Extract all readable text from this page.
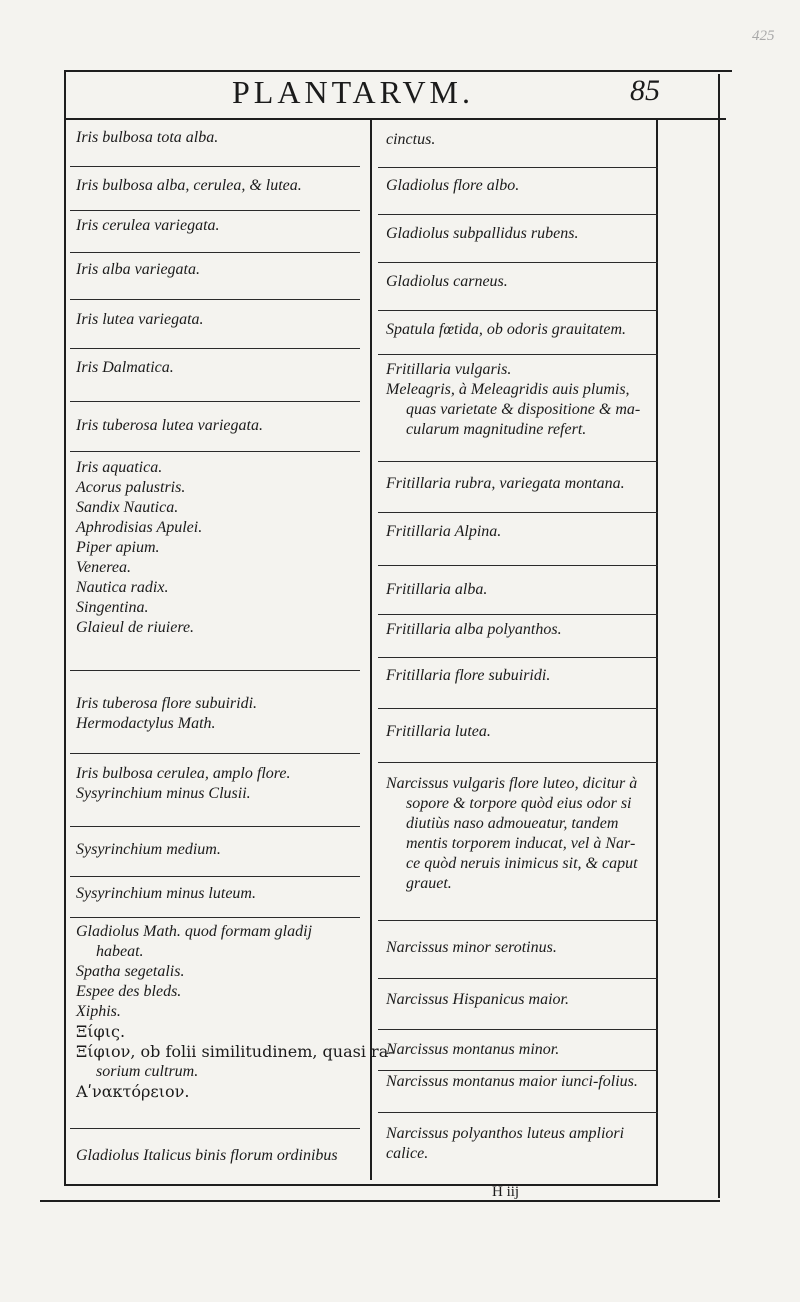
425
PLANTARVM.	85
Iris bulbosa tota alba.
Iris bulbosa alba, cerulea, & lutea.
Iris cerulea variegata.
Iris alba variegata.
Iris lutea variegata.
Iris Dalmatica.
Iris tuberosa lutea variegata.
Iris aquatica.
Acorus palustris.
Sandix Nautica.
Aphrodisias Apulei.
Piper apium.
Venerea.
Nautica radix.
Singentina.
Glaieul de riuiere.
Iris tuberosa flore subuiridi.
Hermodactylus Math.
Iris bulbosa cerulea, amplo flore.
Sysyrinchium minus Clusii.
Sysyrinchium medium.
Sysyrinchium minus luteum.
Gladiolus Math. quod formam gladij
habeat.
Spatha segetalis.
Espee des bleds.
Xiphis.
Ξίφις.
Ξίφιον, ob folii similitudinem, quasi ra-
sorium cultrum.
Αʹνακτόρειον.
Gladiolus Italicus binis florum ordinibus
cinctus.
Gladiolus flore albo.
Gladiolus subpallidus rubens.
Gladiolus carneus.
Spatula fœtida, ob odoris grauitatem.
Fritillaria vulgaris.
Meleagris, à Meleagridis auis plumis,
quas varietate & dispositione & ma-
cularum magnitudine refert.
Fritillaria rubra, variegata montana.
Fritillaria Alpina.
Fritillaria alba.
Fritillaria alba polyanthos.
Fritillaria flore subuiridi.
Fritillaria lutea.
Narcissus vulgaris flore luteo, dicitur à
sopore & torpore quòd eius odor si
diutiùs naso admoueatur, tandem
mentis torporem inducat, vel à Nar-
ce quòd neruis inimicus sit, & caput
grauet.
Narcissus minor serotinus.
Narcissus Hispanicus maior.
Narcissus montanus minor.
Narcissus montanus maior iunci-folius.
Narcissus polyanthos luteus ampliori
calice.
H iij
